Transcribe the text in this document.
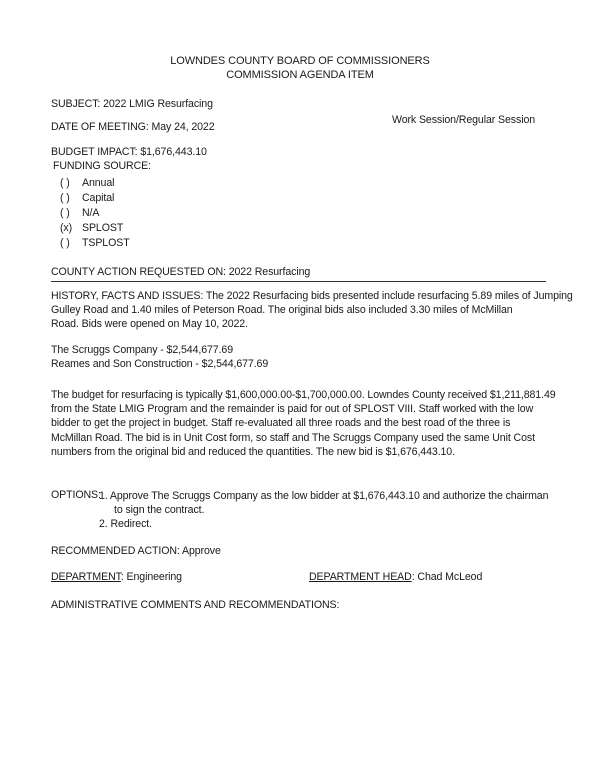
LOWNDES COUNTY BOARD OF COMMISSIONERS
COMMISSION AGENDA ITEM
SUBJECT: 2022 LMIG Resurfacing
DATE OF MEETING: May 24, 2022
Work Session/Regular Session
BUDGET IMPACT: $1,676,443.10
FUNDING SOURCE:
( )	Annual
( )	Capital
( )	N/A
(x) SPLOST
( )	TSPLOST
COUNTY ACTION REQUESTED ON: 2022 Resurfacing
HISTORY, FACTS AND ISSUES: The 2022 Resurfacing bids presented include resurfacing 5.89 miles of Jumping
Gulley Road and 1.40 miles of Peterson Road. The original bids also included 3.30 miles of McMillan
Road. Bids were opened on May 10, 2022.
The Scruggs Company - $2,544,677.69
Reames and Son Construction - $2,544,677.69
The budget for resurfacing is typically $1,600,000.00-$1,700,000.00. Lowndes County received $1,211,881.49
from the State LMIG Program and the remainder is paid for out of SPLOST VIII. Staff worked with the low
bidder to get the project in budget. Staff re-evaluated all three roads and the best road of the three is
McMillan Road. The bid is in Unit Cost form, so staff and The Scruggs Company used the same Unit Cost
numbers from the original bid and reduced the quantities. The new bid is $1,676,443.10.
OPTIONS:
1. Approve The Scruggs Company as the low bidder at $1,676,443.10 and authorize the chairman
to sign the contract.
2. Redirect.
RECOMMENDED ACTION: Approve
DEPARTMENT: Engineering	DEPARTMENT HEAD: Chad McLeod
ADMINISTRATIVE COMMENTS AND RECOMMENDATIONS:
